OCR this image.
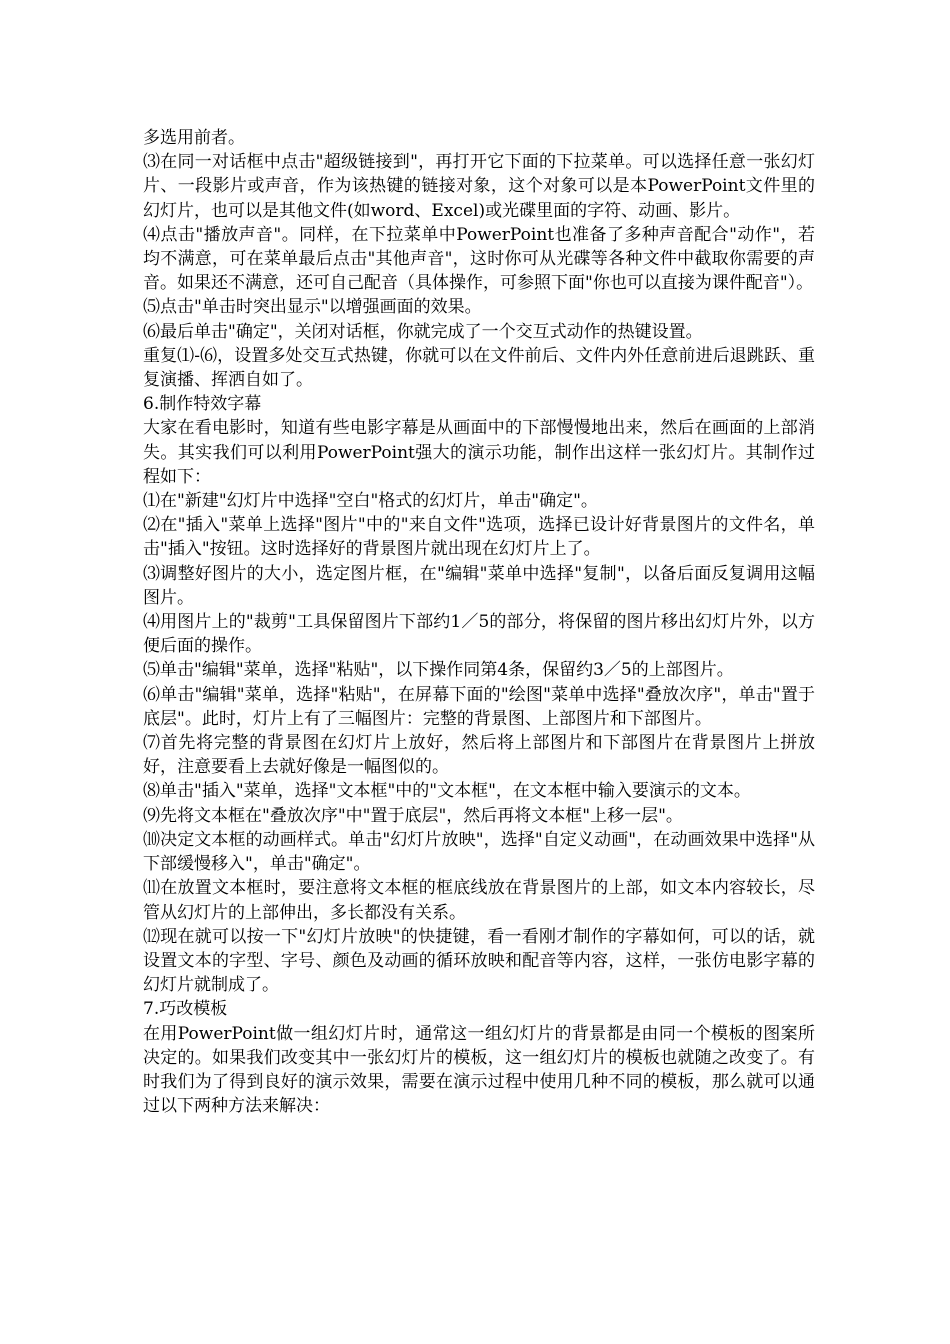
多选用前者。

⑶在同一对话框中点击"超级链接到"，再打开它下面的下拉菜单。可以选择任意一张幻灯片、一段影片或声音，作为该热键的链接对象，这个对象可以是本PowerPoint文件里的幻灯片，也可以是其他文件(如word、Excel)或光碟里面的字符、动画、影片。

⑷点击"播放声音"。同样，在下拉菜单中PowerPoint也准备了多种声音配合"动作"，若均不满意，可在菜单最后点击"其他声音"，这时你可从光碟等各种文件中截取你需要的声音。如果还不满意，还可自己配音（具体操作，可参照下面"你也可以直接为课件配音"）。

⑸点击"单击时突出显示"以增强画面的效果。

⑹最后单击"确定"，关闭对话框，你就完成了一个交互式动作的热键设置。

重复⑴-⑹，设置多处交互式热键，你就可以在文件前后、文件内外任意前进后退跳跃、重复演播、挥洒自如了。

6.制作特效字幕

大家在看电影时，知道有些电影字幕是从画面中的下部慢慢地出来，然后在画面的上部消失。其实我们可以利用PowerPoint强大的演示功能，制作出这样一张幻灯片。其制作过程如下：

⑴在"新建"幻灯片中选择"空白"格式的幻灯片，单击"确定"。

⑵在"插入"菜单上选择"图片"中的"来自文件"选项，选择已设计好背景图片的文件名，单击"插入"按钮。这时选择好的背景图片就出现在幻灯片上了。

⑶调整好图片的大小，选定图片框，在"编辑"菜单中选择"复制"，以备后面反复调用这幅图片。

⑷用图片上的"裁剪"工具保留图片下部约1／5的部分，将保留的图片移出幻灯片外，以方便后面的操作。

⑸单击"编辑"菜单，选择"粘贴"，以下操作同第4条，保留约3／5的上部图片。

⑹单击"编辑"菜单，选择"粘贴"，在屏幕下面的"绘图"菜单中选择"叠放次序"，单击"置于底层"。此时，灯片上有了三幅图片：完整的背景图、上部图片和下部图片。

⑺首先将完整的背景图在幻灯片上放好，然后将上部图片和下部图片在背景图片上拼放好，注意要看上去就好像是一幅图似的。

⑻单击"插入"菜单，选择"文本框"中的"文本框"，在文本框中输入要演示的文本。

⑼先将文本框在"叠放次序"中"置于底层"，然后再将文本框"上移一层"。

⑽决定文本框的动画样式。单击"幻灯片放映"，选择"自定义动画"，在动画效果中选择"从下部缓慢移入"，单击"确定"。

⑾在放置文本框时，要注意将文本框的框底线放在背景图片的上部，如文本内容较长，尽管从幻灯片的上部伸出，多长都没有关系。

⑿现在就可以按一下"幻灯片放映"的快捷键，看一看刚才制作的字幕如何，可以的话，就设置文本的字型、字号、颜色及动画的循环放映和配音等内容，这样，一张仿电影字幕的幻灯片就制成了。

7.巧改模板

在用PowerPoint做一组幻灯片时，通常这一组幻灯片的背景都是由同一个模板的图案所决定的。如果我们改变其中一张幻灯片的模板，这一组幻灯片的模板也就随之改变了。有时我们为了得到良好的演示效果，需要在演示过程中使用几种不同的模板，那么就可以通过以下两种方法来解决：
